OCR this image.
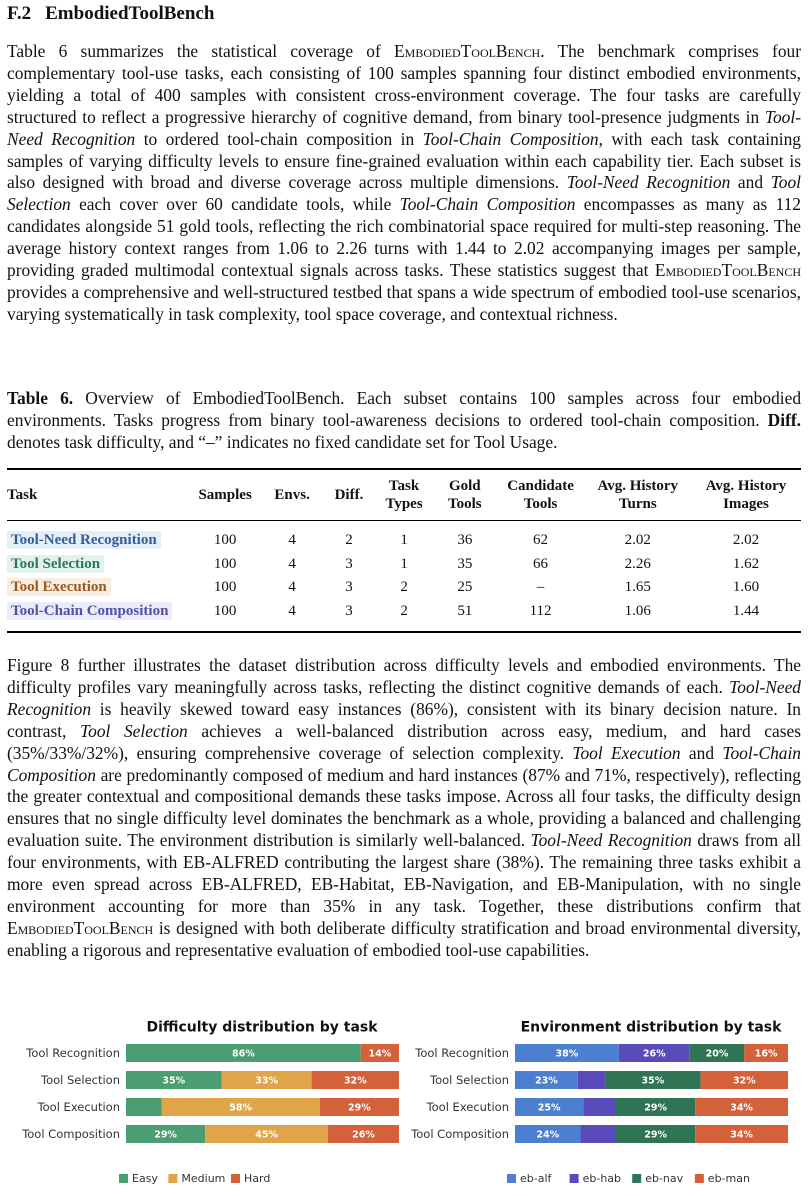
F.2 EmbodiedToolBench

Table 6 summarizes the statistical coverage of EmbodiedToolBench. The benchmark comprises four complementary tool-use tasks, each consisting of 100 samples spanning four distinct embodied environments, yielding a total of 400 samples with consistent cross-environment coverage. The four tasks are carefully structured to reflect a progressive hierarchy of cognitive demand, from binary tool-presence judgments in Tool-Need Recognition to ordered tool-chain composition in Tool-Chain Composition, with each task containing samples of varying difficulty levels to ensure fine-grained evaluation within each capability tier. Each subset is also designed with broad and diverse coverage across multiple dimensions. Tool-Need Recognition and Tool Selection each cover over 60 candidate tools, while Tool-Chain Composition encompasses as many as 112 candidates alongside 51 gold tools, reflecting the rich combinatorial space required for multi-step reasoning. The average history context ranges from 1.06 to 2.26 turns with 1.44 to 2.02 accompanying images per sample, providing graded multimodal contextual signals across tasks. These statistics suggest that EmbodiedToolBench provides a comprehensive and well-structured testbed that spans a wide spectrum of embodied tool-use scenarios, varying systematically in task complexity, tool space coverage, and contextual richness.

Table 6. Overview of EmbodiedToolBench. Each subset contains 100 samples across four embodied environments. Tasks progress from binary tool-awareness decisions to ordered tool-chain composition. Diff. denotes task difficulty, and “–” indicates no fixed candidate set for Tool Usage.

Task	Samples	Envs.	Diff.	Task Types	Gold Tools	Candidate Tools	Avg. History Turns	Avg. History Images
Tool-Need Recognition	100	4	2	1	36	62	2.02	2.02
Tool Selection	100	4	3	1	35	66	2.26	1.62
Tool Execution	100	4	3	2	25	–	1.65	1.60
Tool-Chain Composition	100	4	3	2	51	112	1.06	1.44

Figure 8 further illustrates the dataset distribution across difficulty levels and embodied environments. The difficulty profiles vary meaningfully across tasks, reflecting the distinct cognitive demands of each. Tool-Need Recognition is heavily skewed toward easy instances (86%), consistent with its binary decision nature. In contrast, Tool Selection achieves a well-balanced distribution across easy, medium, and hard cases (35%/33%/32%), ensuring comprehensive coverage of selection complexity. Tool Execution and Tool-Chain Composition are predominantly composed of medium and hard instances (87% and 71%, respectively), reflecting the greater contextual and compositional demands these tasks impose. Across all four tasks, the difficulty design ensures that no single difficulty level dominates the benchmark as a whole, providing a balanced and challenging evaluation suite. The environment distribution is similarly well-balanced. Tool-Need Recognition draws from all four environments, with EB-ALFRED contributing the largest share (38%). The remaining three tasks exhibit a more even spread across EB-ALFRED, EB-Habitat, EB-Navigation, and EB-Manipulation, with no single environment accounting for more than 35% in any task. Together, these distributions confirm that EmbodiedToolBench is designed with both deliberate difficulty stratification and broad environmental diversity, enabling a rigorous and representative evaluation of embodied tool-use capabilities.

Difficulty distribution by task
Tool Recognition	86%	14%
Tool Selection	35%	33%	32%
Tool Execution	58%	29%
Tool Composition	29%	45%	26%
Easy Medium Hard
Environment distribution by task
Tool Recognition	38%	26%	20%	16%
Tool Selection	23%	35%	32%
Tool Execution	25%	29%	34%
Tool Composition	24%	29%	34%
eb-alf	eb-hab eb-nav eb-man
